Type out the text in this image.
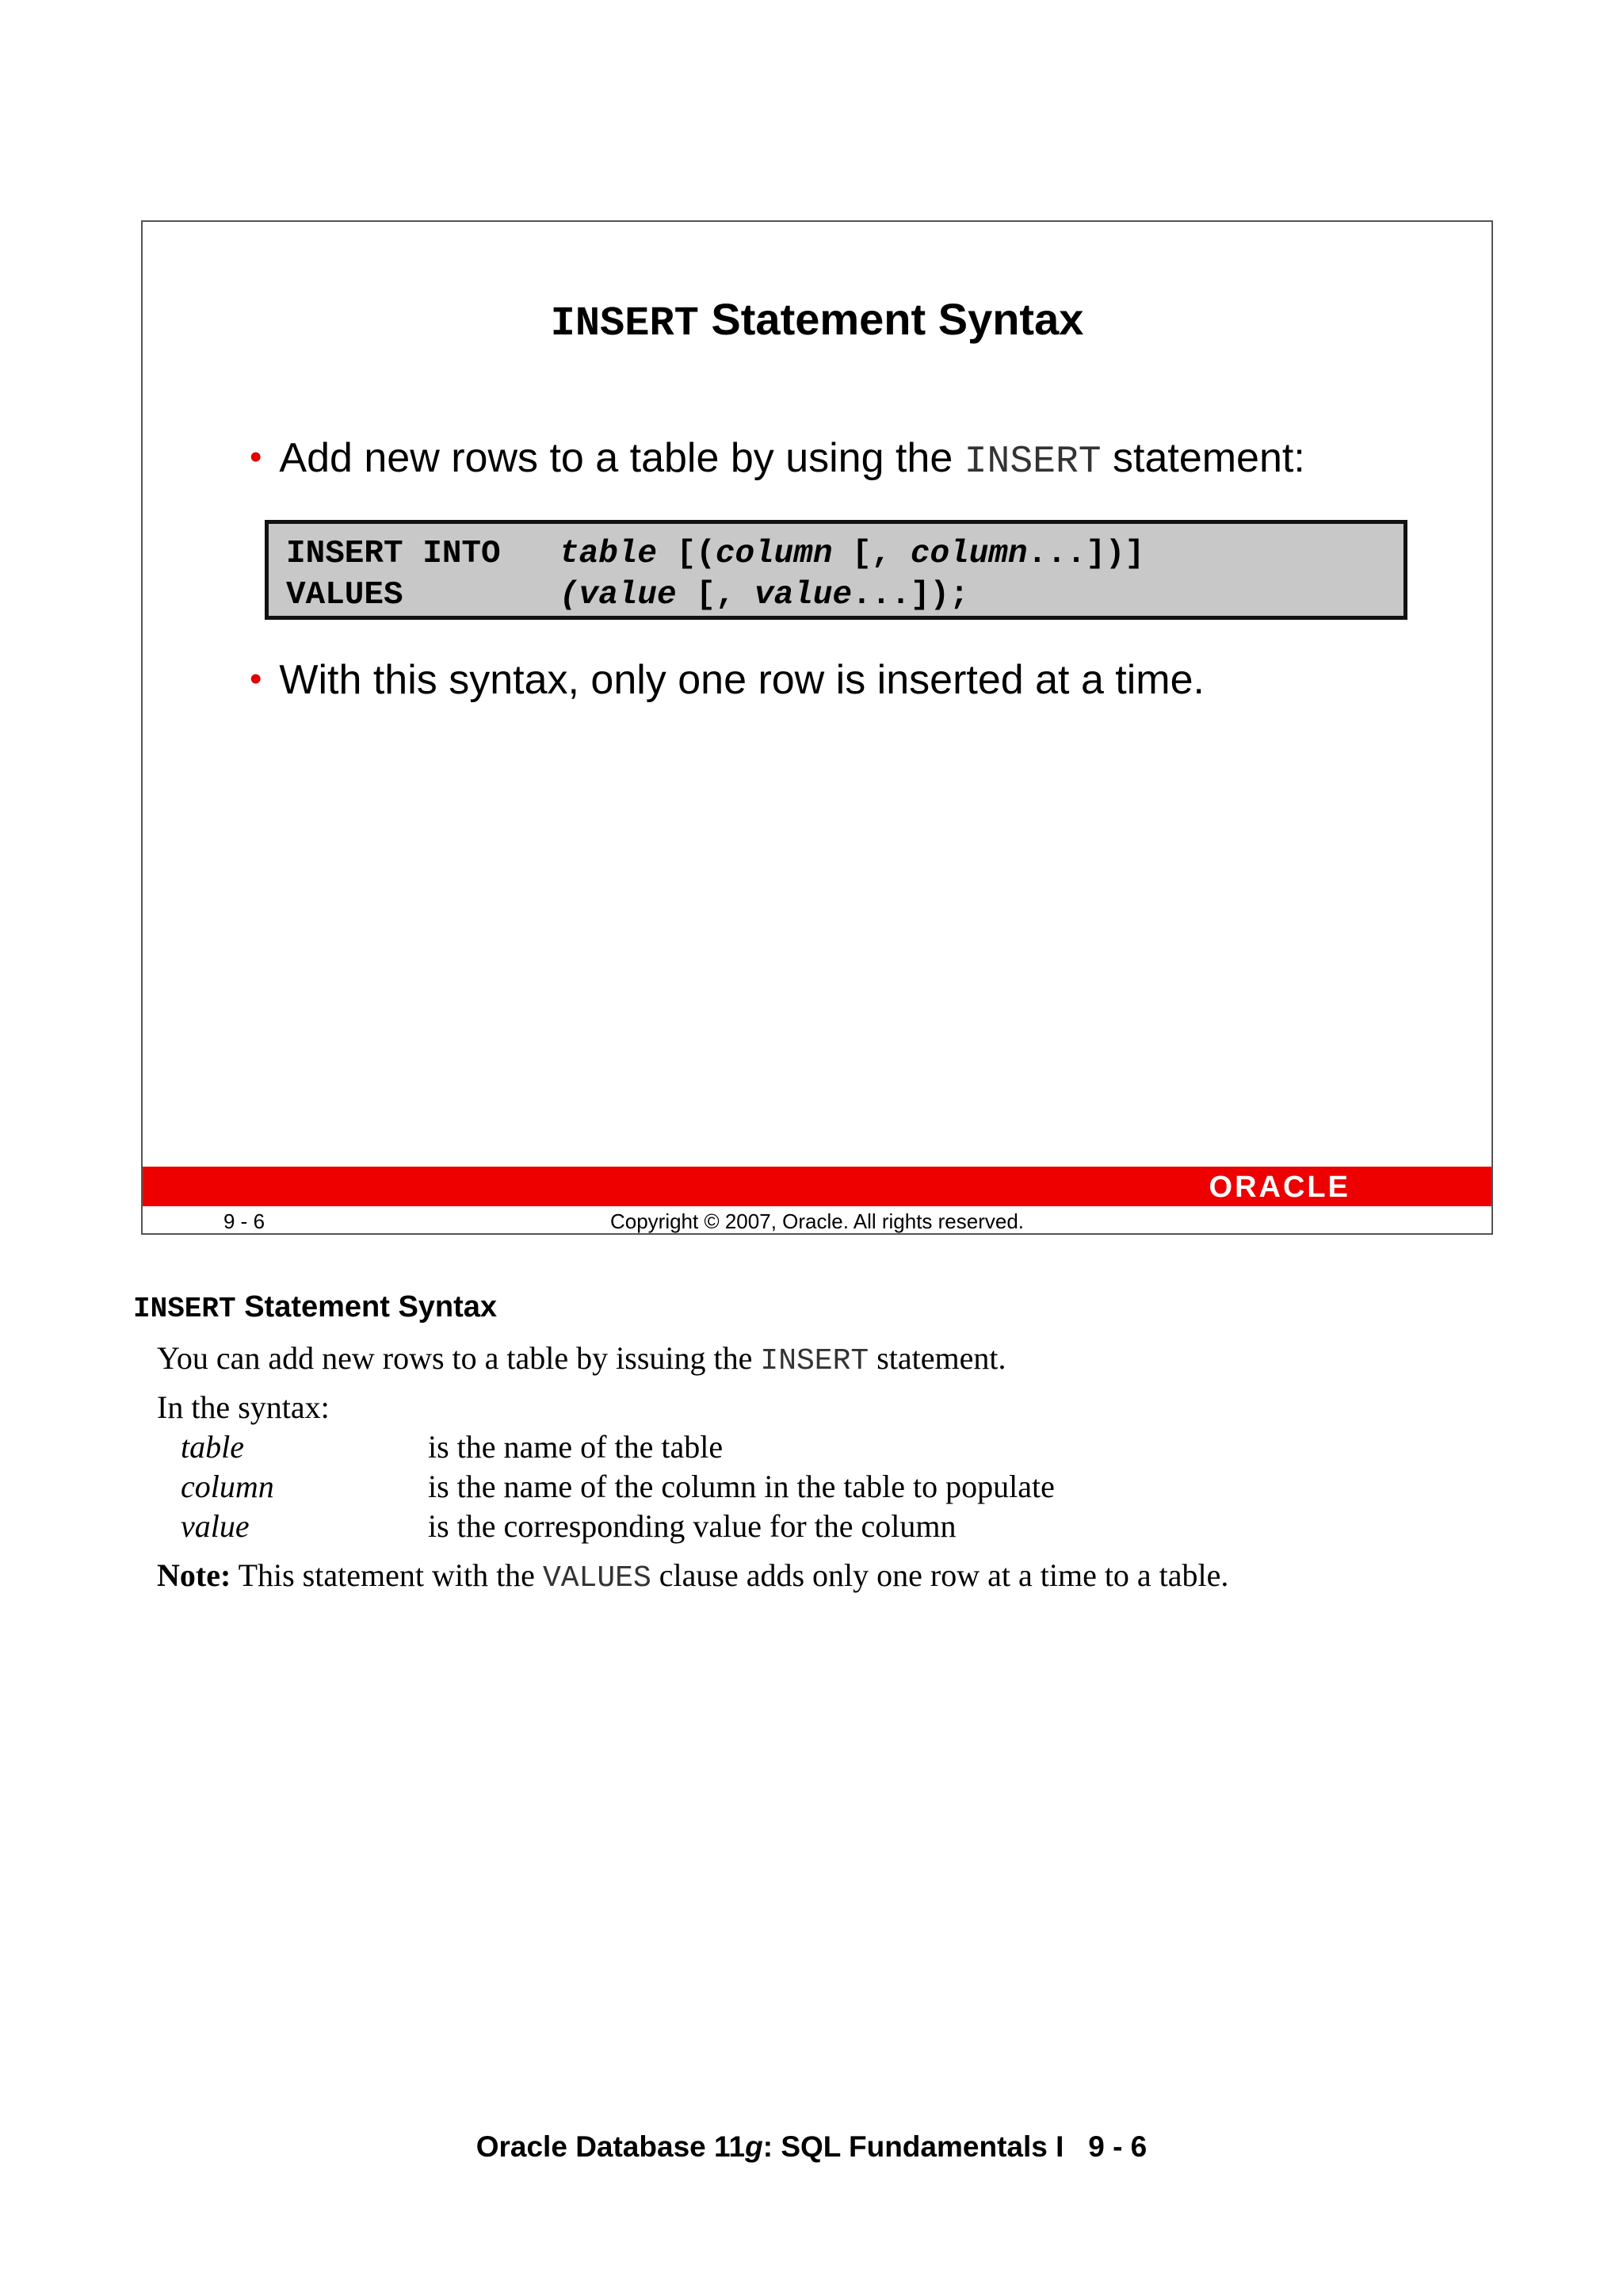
INSERT Statement Syntax
• Add new rows to a table by using the INSERT statement:
INSERT INTO	table [( column [, column ...])]
VALUES	(value [, value ...]);
• With this syntax, only one row is inserted at a time.
ORACLE
9 - 6	Copyright © 2007, Oracle. All rights reserved.
INSERT Statement Syntax
You can add new rows to a table by issuing the INSERT statement.
In the syntax:
table	is the name of the table
column	is the name of the column in the table to populate
value	is the corresponding value for the column
Note: This statement with the VALUES clause adds only one row at a time to a table.
Oracle Database 11g: SQL Fundamentals I   9 - 6
